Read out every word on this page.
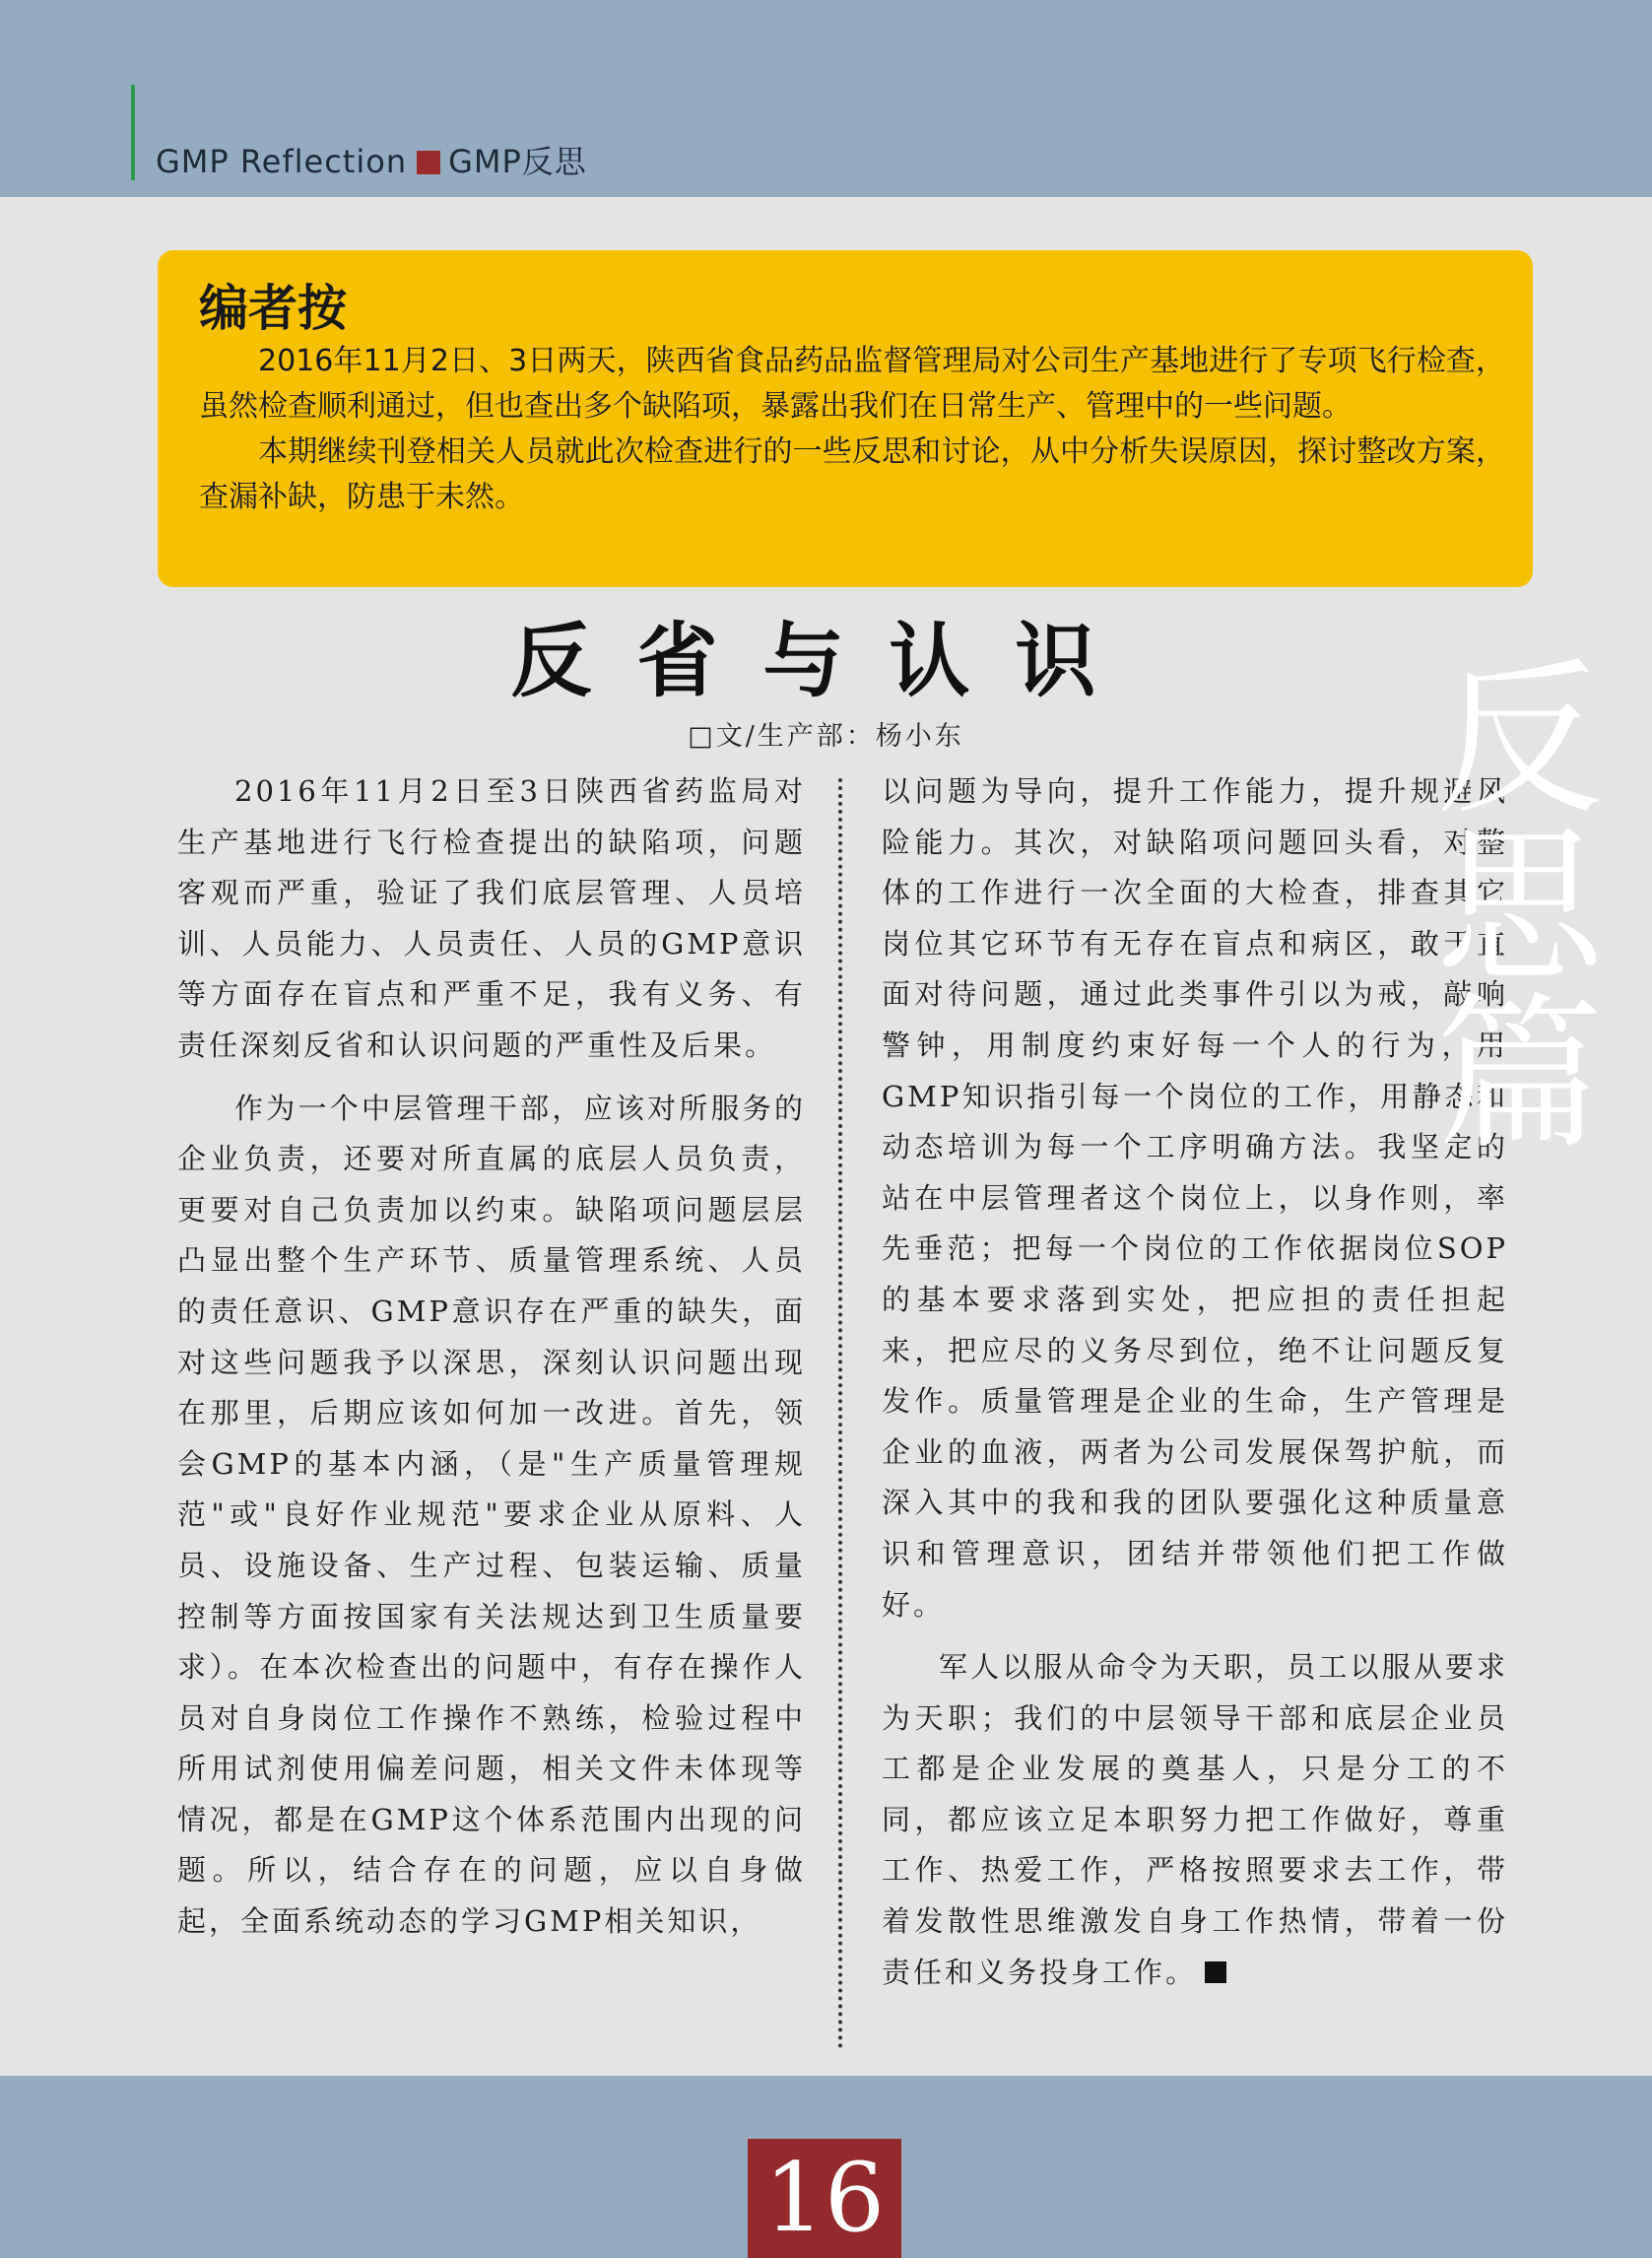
GMP Reflection GMP反思
编者按

2016年11月2日、3日两天，陕西省食品药品监督管理局对公司生产基地进行了专项飞行检查，虽然检查顺利通过，但也查出多个缺陷项，暴露出我们在日常生产、管理中的一些问题。

本期继续刊登相关人员就此次检查进行的一些反思和讨论，从中分析失误原因，探讨整改方案，查漏补缺，防患于未然。

反省与认识
□文/生产部：杨小东

2016年11月2日至3日陕西省药监局对生产基地进行飞行检查提出的缺陷项，问题客观而严重，验证了我们底层管理、人员培训、人员能力、人员责任、人员的GMP意识等方面存在盲点和严重不足，我有义务、有责任深刻反省和认识问题的严重性及后果。

作为一个中层管理干部，应该对所服务的企业负责，还要对所直属的底层人员负责，更要对自己负责加以约束。缺陷项问题层层凸显出整个生产环节、质量管理系统、人员的责任意识、GMP意识存在严重的缺失，面对这些问题我予以深思，深刻认识问题出现在那里，后期应该如何加一改进。首先，领会GMP的基本内涵，（是"生产质量管理规范"或"良好作业规范"要求企业从原料、人员、设施设备、生产过程、包装运输、质量控制等方面按国家有关法规达到卫生质量要求）。在本次检查出的问题中，有存在操作人员对自身岗位工作操作不熟练，检验过程中所用试剂使用偏差问题，相关文件未体现等情况，都是在GMP这个体系范围内出现的问题。所以，结合存在的问题，应以自身做起，全面系统动态的学习GMP相关知识，

以问题为导向，提升工作能力，提升规避风险能力。其次，对缺陷项问题回头看，对整体的工作进行一次全面的大检查，排查其它岗位其它环节有无存在盲点和病区，敢于直面对待问题，通过此类事件引以为戒，敲响警钟，用制度约束好每一个人的行为，用GMP知识指引每一个岗位的工作，用静态和动态培训为每一个工序明确方法。我坚定的站在中层管理者这个岗位上，以身作则，率先垂范；把每一个岗位的工作依据岗位SOP的基本要求落到实处，把应担的责任担起来，把应尽的义务尽到位，绝不让问题反复发作。质量管理是企业的生命，生产管理是企业的血液，两者为公司发展保驾护航，而深入其中的我和我的团队要强化这种质量意识和管理意识，团结并带领他们把工作做好。

军人以服从命令为天职，员工以服从要求为天职；我们的中层领导干部和底层企业员工都是企业发展的奠基人，只是分工的不同，都应该立足本职努力把工作做好，尊重工作、热爱工作，严格按照要求去工作，带着发散性思维激发自身工作热情，带着一份责任和义务投身工作。

反思篇
16
